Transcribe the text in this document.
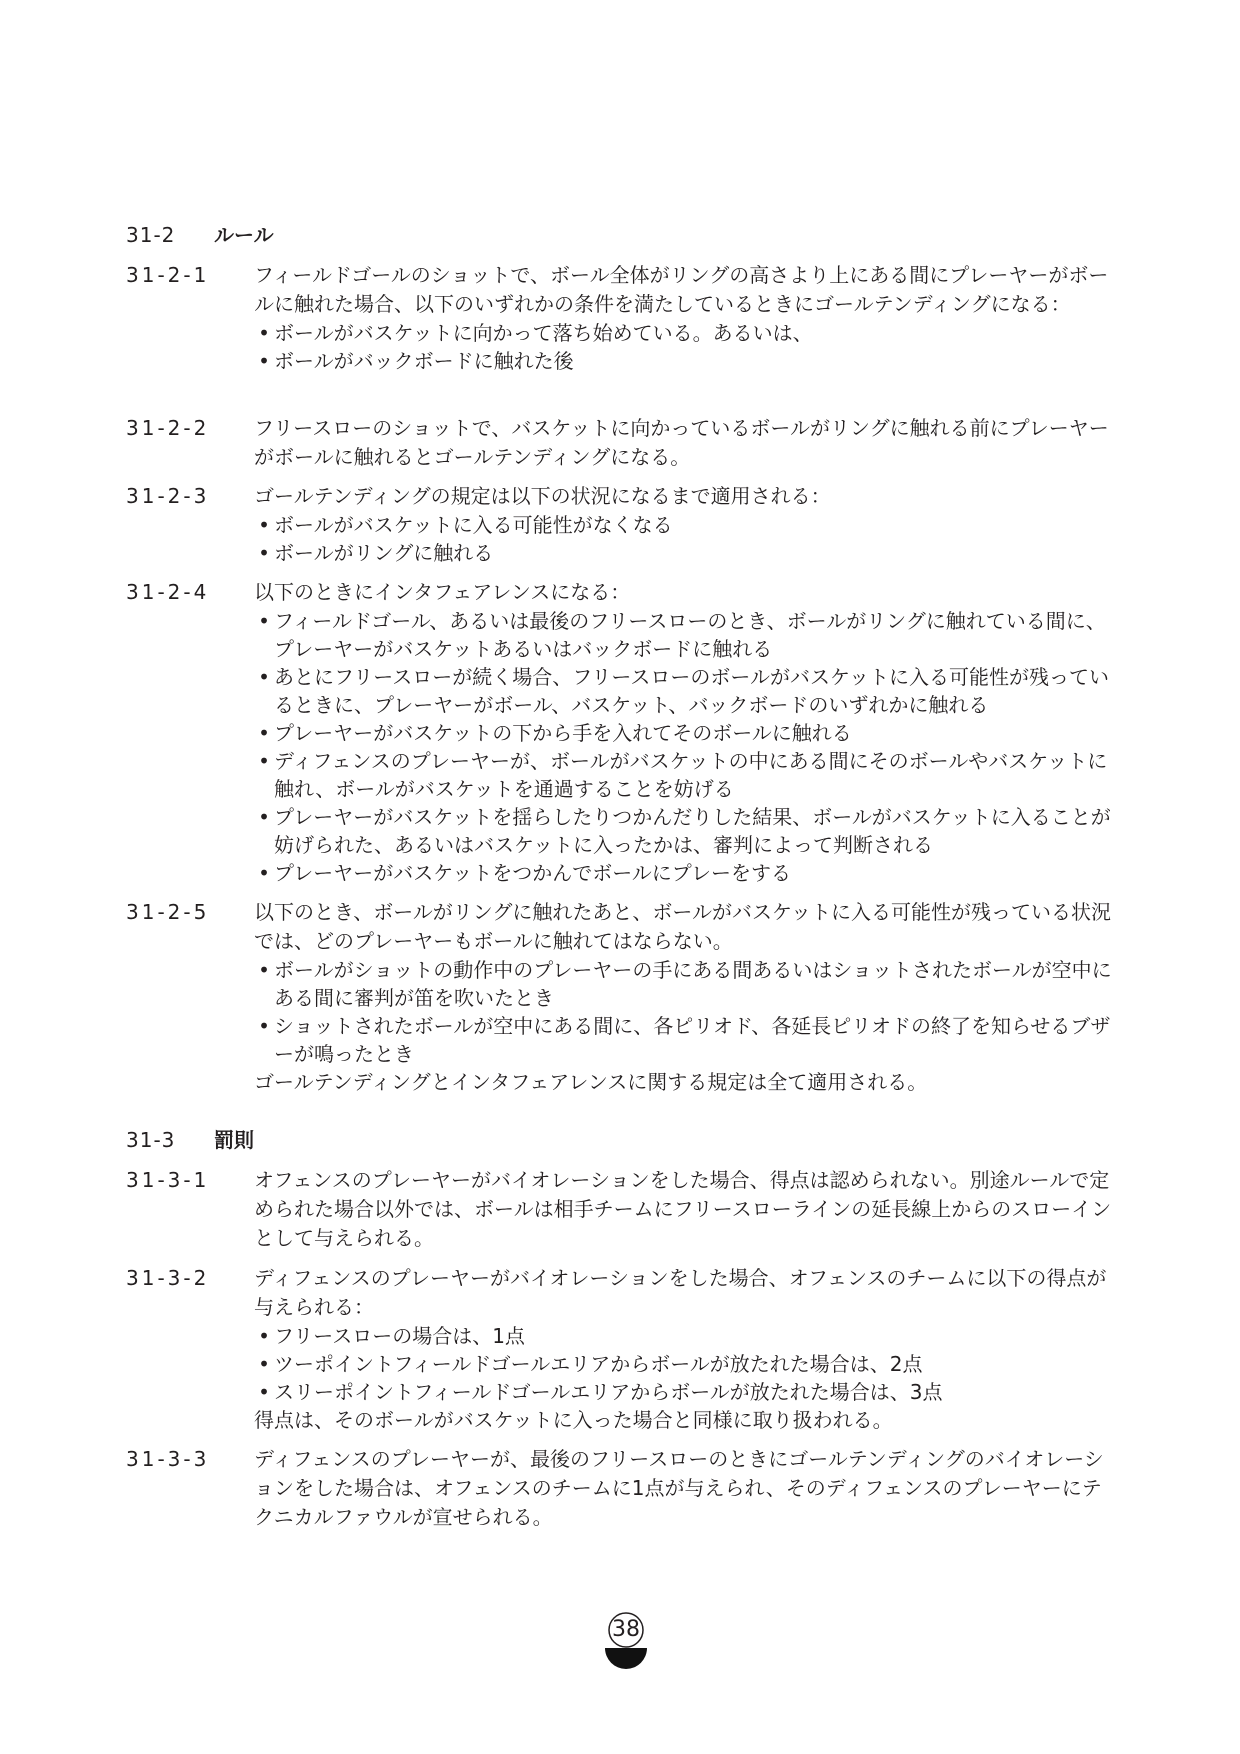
31-2 ルール
31-2-1 フィールドゴールのショットで、ボール全体がリングの高さより上にある間にプレーヤーがボールに触れた場合、以下のいずれかの条件を満たしているときにゴールテンディングになる：

• ボールがバスケットに向かって落ち始めている。あるいは、

• ボールがバックボードに触れた後

31-2-2 フリースローのショットで、バスケットに向かっているボールがリングに触れる前にプレーヤーがボールに触れるとゴールテンディングになる。

31-2-3 ゴールテンディングの規定は以下の状況になるまで適用される：

• ボールがバスケットに入る可能性がなくなる

• ボールがリングに触れる

31-2-4 以下のときにインタフェアレンスになる：

• フィールドゴール、あるいは最後のフリースローのとき、ボールがリングに触れている間に、プレーヤーがバスケットあるいはバックボードに触れる

• あとにフリースローが続く場合、フリースローのボールがバスケットに入る可能性が残っているときに、プレーヤーがボール、バスケット、バックボードのいずれかに触れる

• プレーヤーがバスケットの下から手を入れてそのボールに触れる

• ディフェンスのプレーヤーが、ボールがバスケットの中にある間にそのボールやバスケットに触れ、ボールがバスケットを通過することを妨げる

• プレーヤーがバスケットを揺らしたりつかんだりした結果、ボールがバスケットに入ることが妨げられた、あるいはバスケットに入ったかは、審判によって判断される

• プレーヤーがバスケットをつかんでボールにプレーをする

31-2-5 以下のとき、ボールがリングに触れたあと、ボールがバスケットに入る可能性が残っている状況では、どのプレーヤーもボールに触れてはならない。

• ボールがショットの動作中のプレーヤーの手にある間あるいはショットされたボールが空中にある間に審判が笛を吹いたとき

• ショットされたボールが空中にある間に、各ピリオド、各延長ピリオドの終了を知らせるブザーが鳴ったとき

ゴールテンディングとインタフェアレンスに関する規定は全て適用される。

31-3 罰則
31-3-1 オフェンスのプレーヤーがバイオレーションをした場合、得点は認められない。別途ルールで定められた場合以外では、ボールは相手チームにフリースローラインの延長線上からのスローインとして与えられる。

31-3-2 ディフェンスのプレーヤーがバイオレーションをした場合、オフェンスのチームに以下の得点が与えられる：

• フリースローの場合は、1点

• ツーポイントフィールドゴールエリアからボールが放たれた場合は、2点

• スリーポイントフィールドゴールエリアからボールが放たれた場合は、3点

得点は、そのボールがバスケットに入った場合と同様に取り扱われる。

31-3-3 ディフェンスのプレーヤーが、最後のフリースローのときにゴールテンディングのバイオレーションをした場合は、オフェンスのチームに1点が与えられ、そのディフェンスのプレーヤーにテクニカルファウルが宣せられる。

38
